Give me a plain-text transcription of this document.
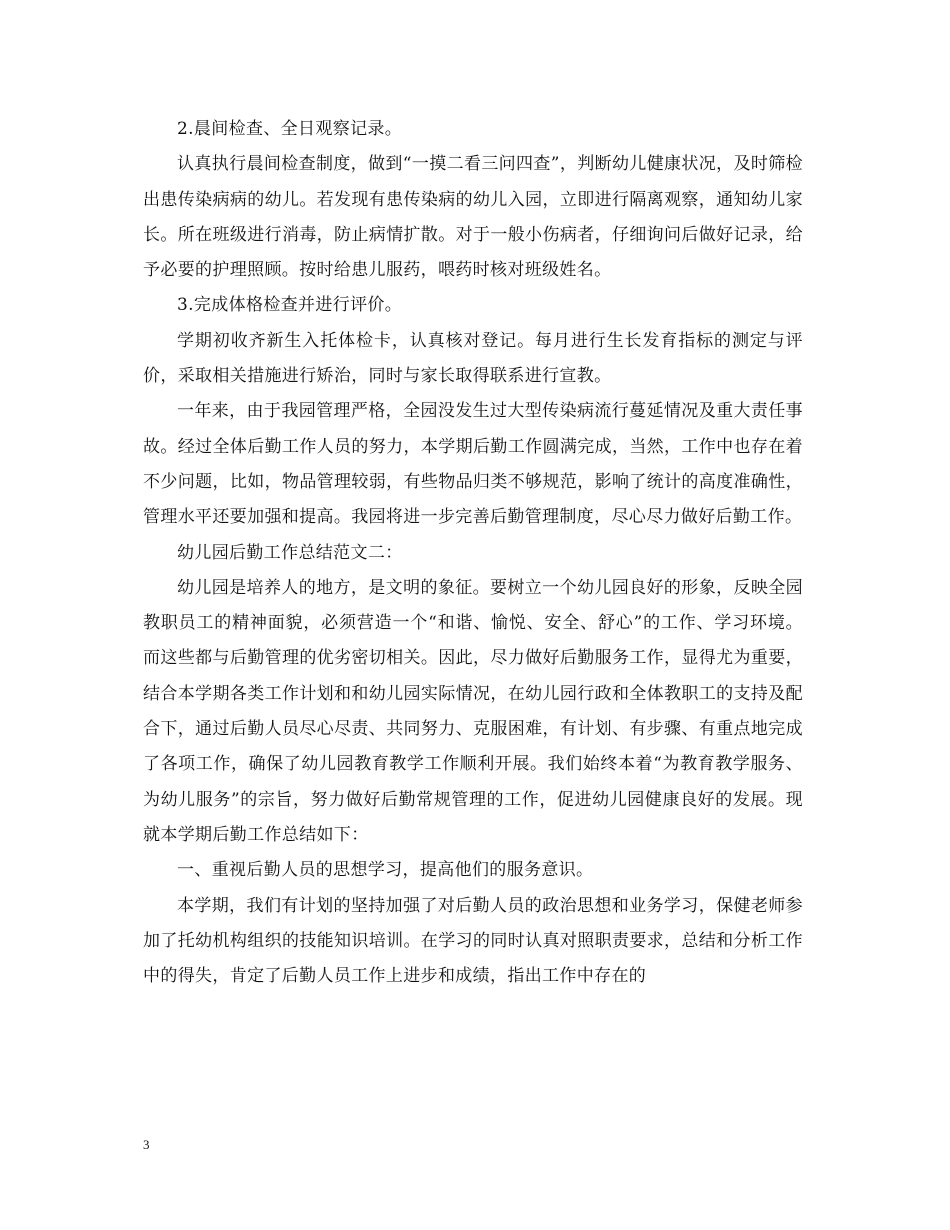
2.晨间检查、全日观察记录。

认真执行晨间检查制度，做到“一摸二看三问四查”，判断幼儿健康状况，及时筛检出患传染病病的幼儿。若发现有患传染病的幼儿入园，立即进行隔离观察，通知幼儿家长。所在班级进行消毒，防止病情扩散。对于一般小伤病者，仔细询问后做好记录，给予必要的护理照顾。按时给患儿服药，喂药时核对班级姓名。

3.完成体格检查并进行评价。

学期初收齐新生入托体检卡，认真核对登记。每月进行生长发育指标的测定与评价，采取相关措施进行矫治，同时与家长取得联系进行宣教。

一年来，由于我园管理严格，全园没发生过大型传染病流行蔓延情况及重大责任事故。经过全体后勤工作人员的努力，本学期后勤工作圆满完成，当然，工作中也存在着不少问题，比如，物品管理较弱，有些物品归类不够规范，影响了统计的高度准确性，管理水平还要加强和提高。我园将进一步完善后勤管理制度，尽心尽力做好后勤工作。

幼儿园后勤工作总结范文二：

幼儿园是培养人的地方，是文明的象征。要树立一个幼儿园良好的形象，反映全园教职员工的精神面貌，必须营造一个“和谐、愉悦、安全、舒心”的工作、学习环境。而这些都与后勤管理的优劣密切相关。因此，尽力做好后勤服务工作，显得尤为重要，结合本学期各类工作计划和和幼儿园实际情况，在幼儿园行政和全体教职工的支持及配合下，通过后勤人员尽心尽责、共同努力、克服困难，有计划、有步骤、有重点地完成了各项工作，确保了幼儿园教育教学工作顺利开展。我们始终本着“为教育教学服务、为幼儿服务”的宗旨，努力做好后勤常规管理的工作，促进幼儿园健康良好的发展。现就本学期后勤工作总结如下：

一、重视后勤人员的思想学习，提高他们的服务意识。

本学期，我们有计划的坚持加强了对后勤人员的政治思想和业务学习，保健老师参加了托幼机构组织的技能知识培训。在学习的同时认真对照职责要求，总结和分析工作中的得失，肯定了后勤人员工作上进步和成绩，指出工作中存在的

3
